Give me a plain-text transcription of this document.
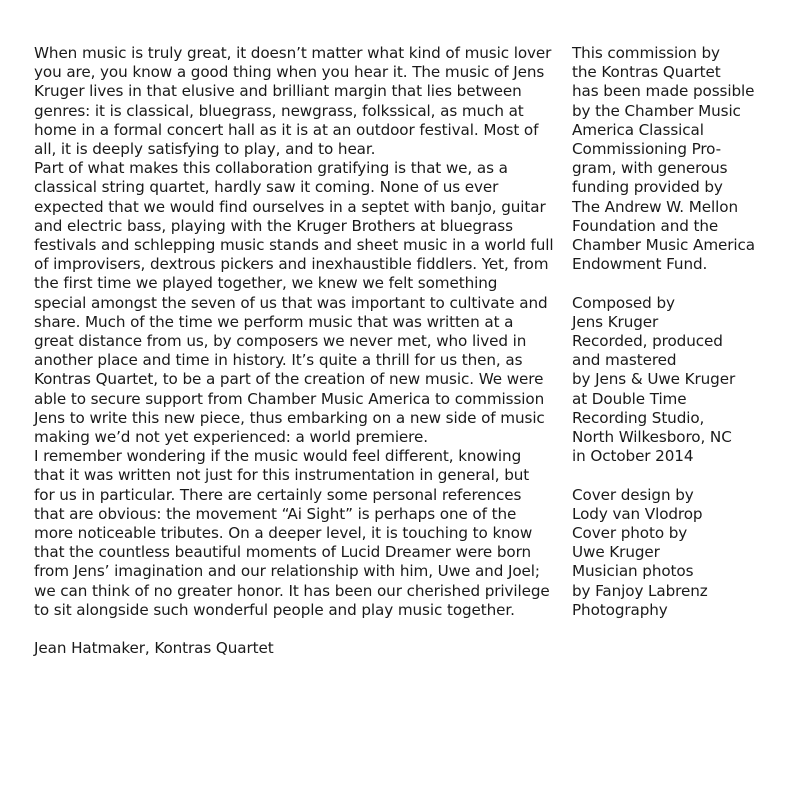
When music is truly great, it doesn’t matter what kind of music lover you are, you know a good thing when you hear it. The music of Jens Kruger lives in that elusive and brilliant margin that lies between genres: it is classical, bluegrass, newgrass, folkssical, as much at home in a formal concert hall as it is at an outdoor festival. Most of all, it is deeply satisfying to play, and to hear.

Part of what makes this collaboration gratifying is that we, as a classical string quartet, hardly saw it coming. None of us ever expected that we would find ourselves in a septet with banjo, guitar and electric bass, playing with the Kruger Brothers at bluegrass festivals and schlepping music stands and sheet music in a world full of improvisers, dextrous pickers and inexhaustible fiddlers. Yet, from the first time we played together, we knew we felt something special amongst the seven of us that was important to cultivate and share. Much of the time we perform music that was written at a great distance from us, by composers we never met, who lived in another place and time in history. It’s quite a thrill for us then, as Kontras Quartet, to be a part of the creation of new music. We were able to secure support from Chamber Music America to commission Jens to write this new piece, thus embarking on a new side of music making we’d not yet experienced: a world premiere.

I remember wondering if the music would feel different, knowing that it was written not just for this instrumentation in general, but for us in particular. There are certainly some personal references that are obvious: the movement “Ai Sight” is perhaps one of the more noticeable tributes. On a deeper level, it is touching to know that the countless beautiful moments of Lucid Dreamer were born from Jens’ imagination and our relationship with him, Uwe and Joel; we can think of no greater honor. It has been our cherished privilege to sit alongside such wonderful people and play music together.

Jean Hatmaker, Kontras Quartet

This commission by

the Kontras Quartet

has been made possible

by the Chamber Music

America Classical

Commissioning Pro-

gram, with generous

funding provided by

The Andrew W. Mellon

Foundation and the

Chamber Music America

Endowment Fund.

Composed by

Jens Kruger

Recorded, produced

and mastered

by Jens & Uwe Kruger

at Double Time

Recording Studio,

North Wilkesboro, NC

in October 2014

Cover design by

Lody van Vlodrop

Cover photo by

Uwe Kruger

Musician photos

by Fanjoy Labrenz

Photography
